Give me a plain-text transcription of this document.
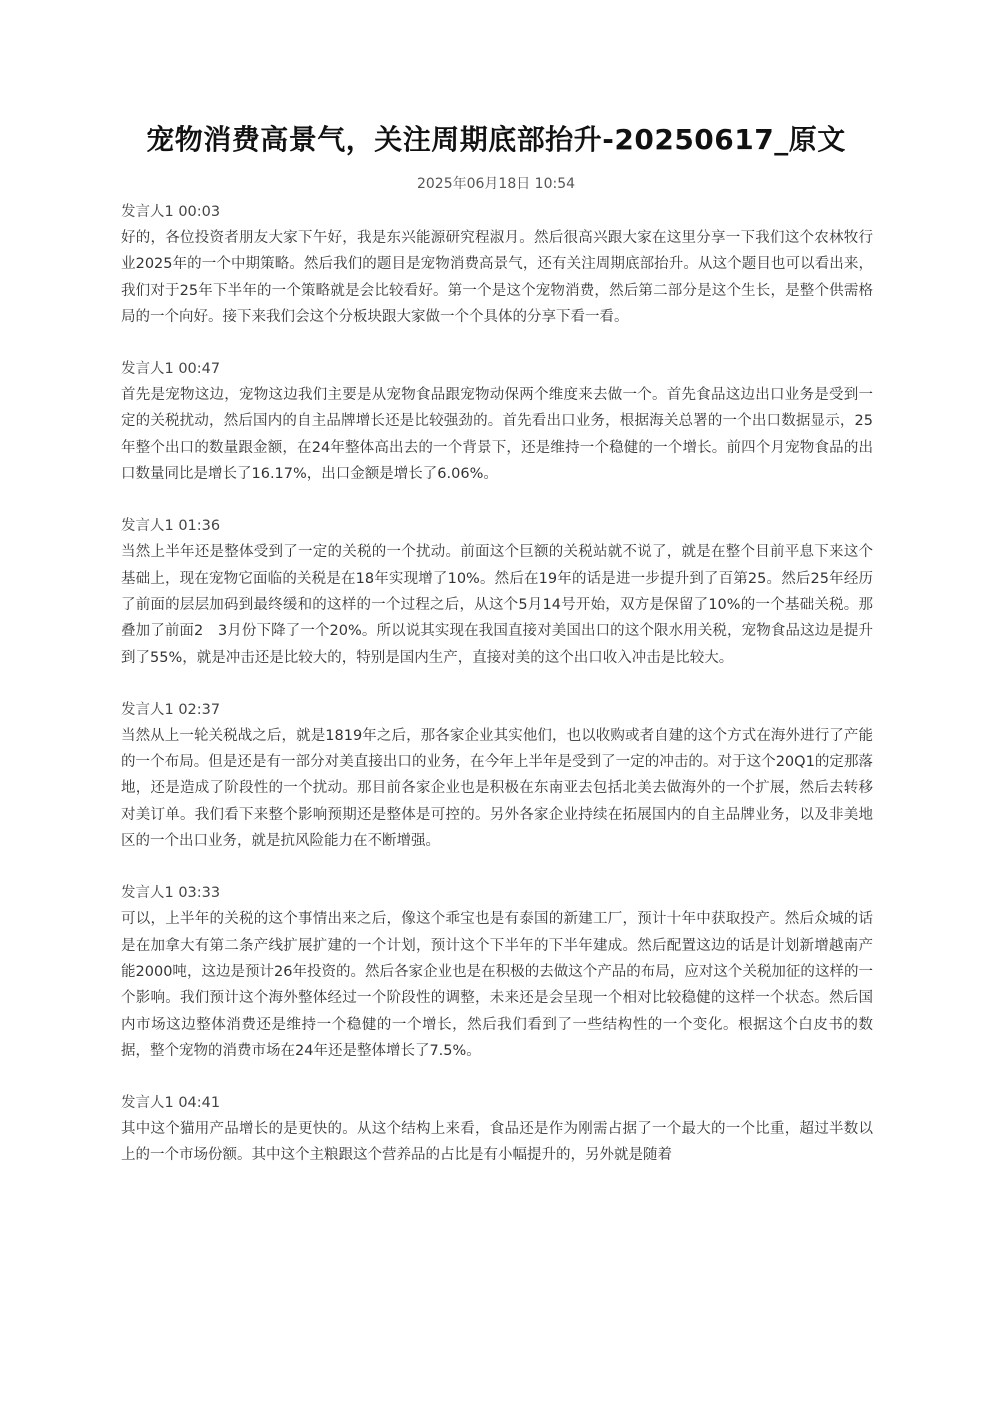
宠物消费高景气，关注周期底部抬升-20250617_原文
2025年06月18日 10:54
发言人1 00:03

好的，各位投资者朋友大家下午好，我是东兴能源研究程淑月。然后很高兴跟大家在这里分享一下我们这个农林牧行业2025年的一个中期策略。然后我们的题目是宠物消费高景气，还有关注周期底部抬升。从这个题目也可以看出来，我们对于25年下半年的一个策略就是会比较看好。第一个是这个宠物消费，然后第二部分是这个生长，是整个供需格局的一个向好。接下来我们会这个分板块跟大家做一个个具体的分享下看一看。

发言人1 00:47

首先是宠物这边，宠物这边我们主要是从宠物食品跟宠物动保两个维度来去做一个。首先食品这边出口业务是受到一定的关税扰动，然后国内的自主品牌增长还是比较强劲的。首先看出口业务，根据海关总署的一个出口数据显示，25年整个出口的数量跟金额，在24年整体高出去的一个背景下，还是维持一个稳健的一个增长。前四个月宠物食品的出口数量同比是增长了16.17%，出口金额是增长了6.06%。

发言人1 01:36

当然上半年还是整体受到了一定的关税的一个扰动。前面这个巨额的关税站就不说了，就是在整个目前平息下来这个基础上，现在宠物它面临的关税是在18年实现增了10%。然后在19年的话是进一步提升到了百第25。然后25年经历了前面的层层加码到最终缓和的这样的一个过程之后，从这个5月14号开始，双方是保留了10%的一个基础关税。那叠加了前面2　3月份下降了一个20%。所以说其实现在我国直接对美国出口的这个限水用关税，宠物食品这边是提升到了55%，就是冲击还是比较大的，特别是国内生产，直接对美的这个出口收入冲击是比较大。

发言人1 02:37

当然从上一轮关税战之后，就是1819年之后，那各家企业其实他们，也以收购或者自建的这个方式在海外进行了产能的一个布局。但是还是有一部分对美直接出口的业务，在今年上半年是受到了一定的冲击的。对于这个20Q1的定那落地，还是造成了阶段性的一个扰动。那目前各家企业也是积极在东南亚去包括北美去做海外的一个扩展，然后去转移对美订单。我们看下来整个影响预期还是整体是可控的。另外各家企业持续在拓展国内的自主品牌业务，以及非美地区的一个出口业务，就是抗风险能力在不断增强。

发言人1 03:33

可以，上半年的关税的这个事情出来之后，像这个乖宝也是有泰国的新建工厂，预计十年中获取投产。然后众城的话是在加拿大有第二条产线扩展扩建的一个计划，预计这个下半年的下半年建成。然后配置这边的话是计划新增越南产能2000吨，这边是预计26年投资的。然后各家企业也是在积极的去做这个产品的布局，应对这个关税加征的这样的一个影响。我们预计这个海外整体经过一个阶段性的调整，未来还是会呈现一个相对比较稳健的这样一个状态。然后国内市场这边整体消费还是维持一个稳健的一个增长，然后我们看到了一些结构性的一个变化。根据这个白皮书的数据，整个宠物的消费市场在24年还是整体增长了7.5%。

发言人1 04:41

其中这个猫用产品增长的是更快的。从这个结构上来看，食品还是作为刚需占据了一个最大的一个比重，超过半数以上的一个市场份额。其中这个主粮跟这个营养品的占比是有小幅提升的，另外就是随着
